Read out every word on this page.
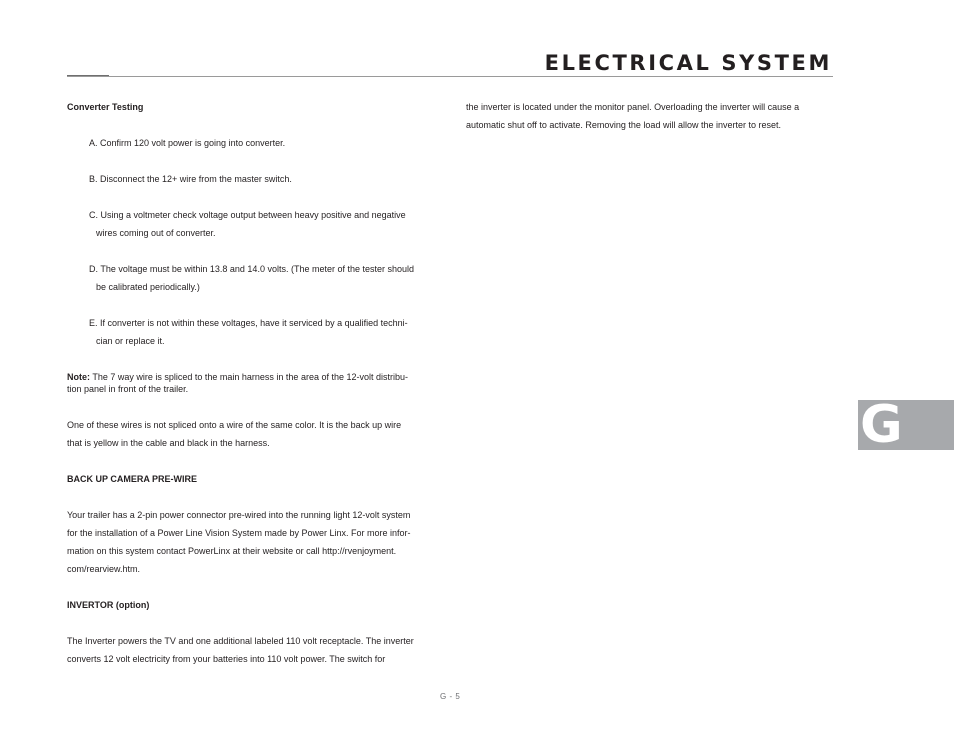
ELECTRICAL SYSTEM

Converter Testing

A. Confirm 120 volt power is going into converter.

B. Disconnect the 12+ wire from the master switch.

C. Using a voltmeter check voltage output between heavy positive and negative
wires coming out of converter.

D. The voltage must be within 13.8 and 14.0 volts. (The meter of the tester should
be calibrated periodically.)

E. If converter is not within these voltages, have it serviced by a qualified techni-
cian or replace it.

Note: The 7 way wire is spliced to the main harness in the area of the 12-volt distribu-
tion panel in front of the trailer.

One of these wires is not spliced onto a wire of the same color. It is the back up wire
that is yellow in the cable and black in the harness.

BACK UP CAMERA PRE-WIRE

Your trailer has a 2-pin power connector pre-wired into the running light 12-volt system
for the installation of a Power Line Vision System made by Power Linx. For more infor-
mation on this system contact PowerLinx at their website or call http://rvenjoyment.
com/rearview.htm.

INVERTOR (option)

The Inverter powers the TV and one additional labeled 110 volt receptacle. The inverter
converts 12 volt electricity from your batteries into 110 volt power. The switch for

the inverter is located under the monitor panel. Overloading the inverter will cause a
automatic shut off to activate. Removing the load will allow the inverter to reset.

G
G - 5
